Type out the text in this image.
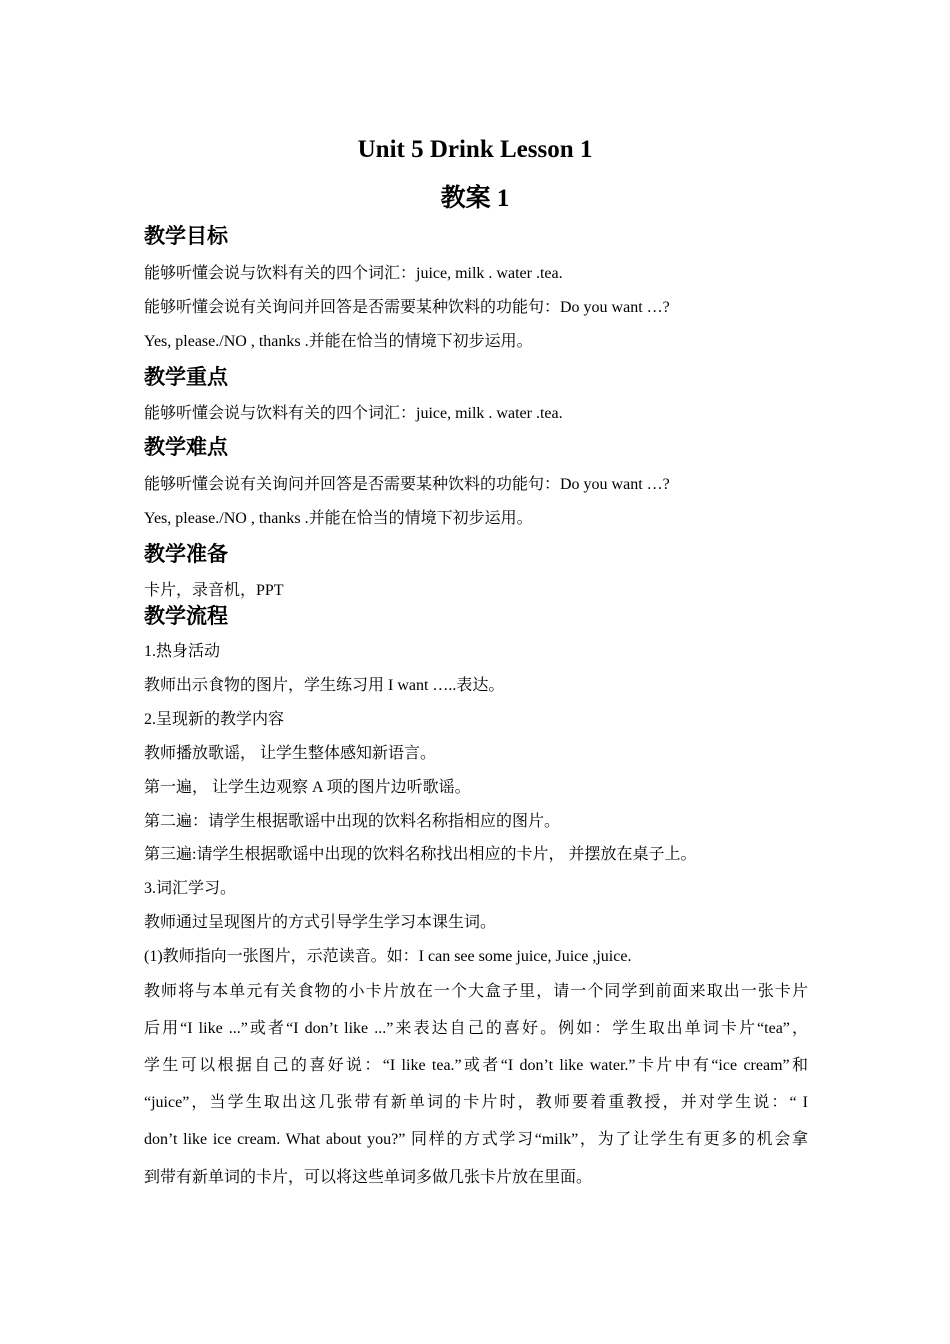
Unit 5 Drink Lesson 1
教案 1
教学目标
能够听懂会说与饮料有关的四个词汇：juice, milk . water .tea.
能够听懂会说有关询问并回答是否需要某种饮料的功能句：Do you want …?
Yes, please./NO , thanks .并能在恰当的情境下初步运用。
教学重点
能够听懂会说与饮料有关的四个词汇：juice, milk . water .tea.
教学难点
能够听懂会说有关询问并回答是否需要某种饮料的功能句：Do you want …?
Yes, please./NO , thanks .并能在恰当的情境下初步运用。
教学准备
卡片，录音机，PPT
教学流程
1.热身活动
教师出示食物的图片，学生练习用 I want …..表达。
2.呈现新的教学内容
教师播放歌谣， 让学生整体感知新语言。
第一遍， 让学生边观察 A 项的图片边听歌谣。
第二遍：请学生根据歌谣中出现的饮料名称指相应的图片。
第三遍:请学生根据歌谣中出现的饮料名称找出相应的卡片， 并摆放在桌子上。
3.词汇学习。
教师通过呈现图片的方式引导学生学习本课生词。
(1)教师指向一张图片，示范读音。如：I can see some juice, Juice ,juice.
教师将与本单元有关食物的小卡片放在一个大盒子里，请一个同学到前面来取出一张卡片
后用“I like ...”或者“I don’t like ...”来表达自己的喜好。例如：学生取出单词卡片“tea”，
学生可以根据自己的喜好说：“I like tea.”或者“I don’t like water.”卡片中有“ice cream”和
“juice”，当学生取出这几张带有新单词的卡片时，教师要着重教授，并对学生说：“ I
don’t like ice cream. What about you?” 同样的方式学习“milk”，为了让学生有更多的机会拿
到带有新单词的卡片，可以将这些单词多做几张卡片放在里面。
